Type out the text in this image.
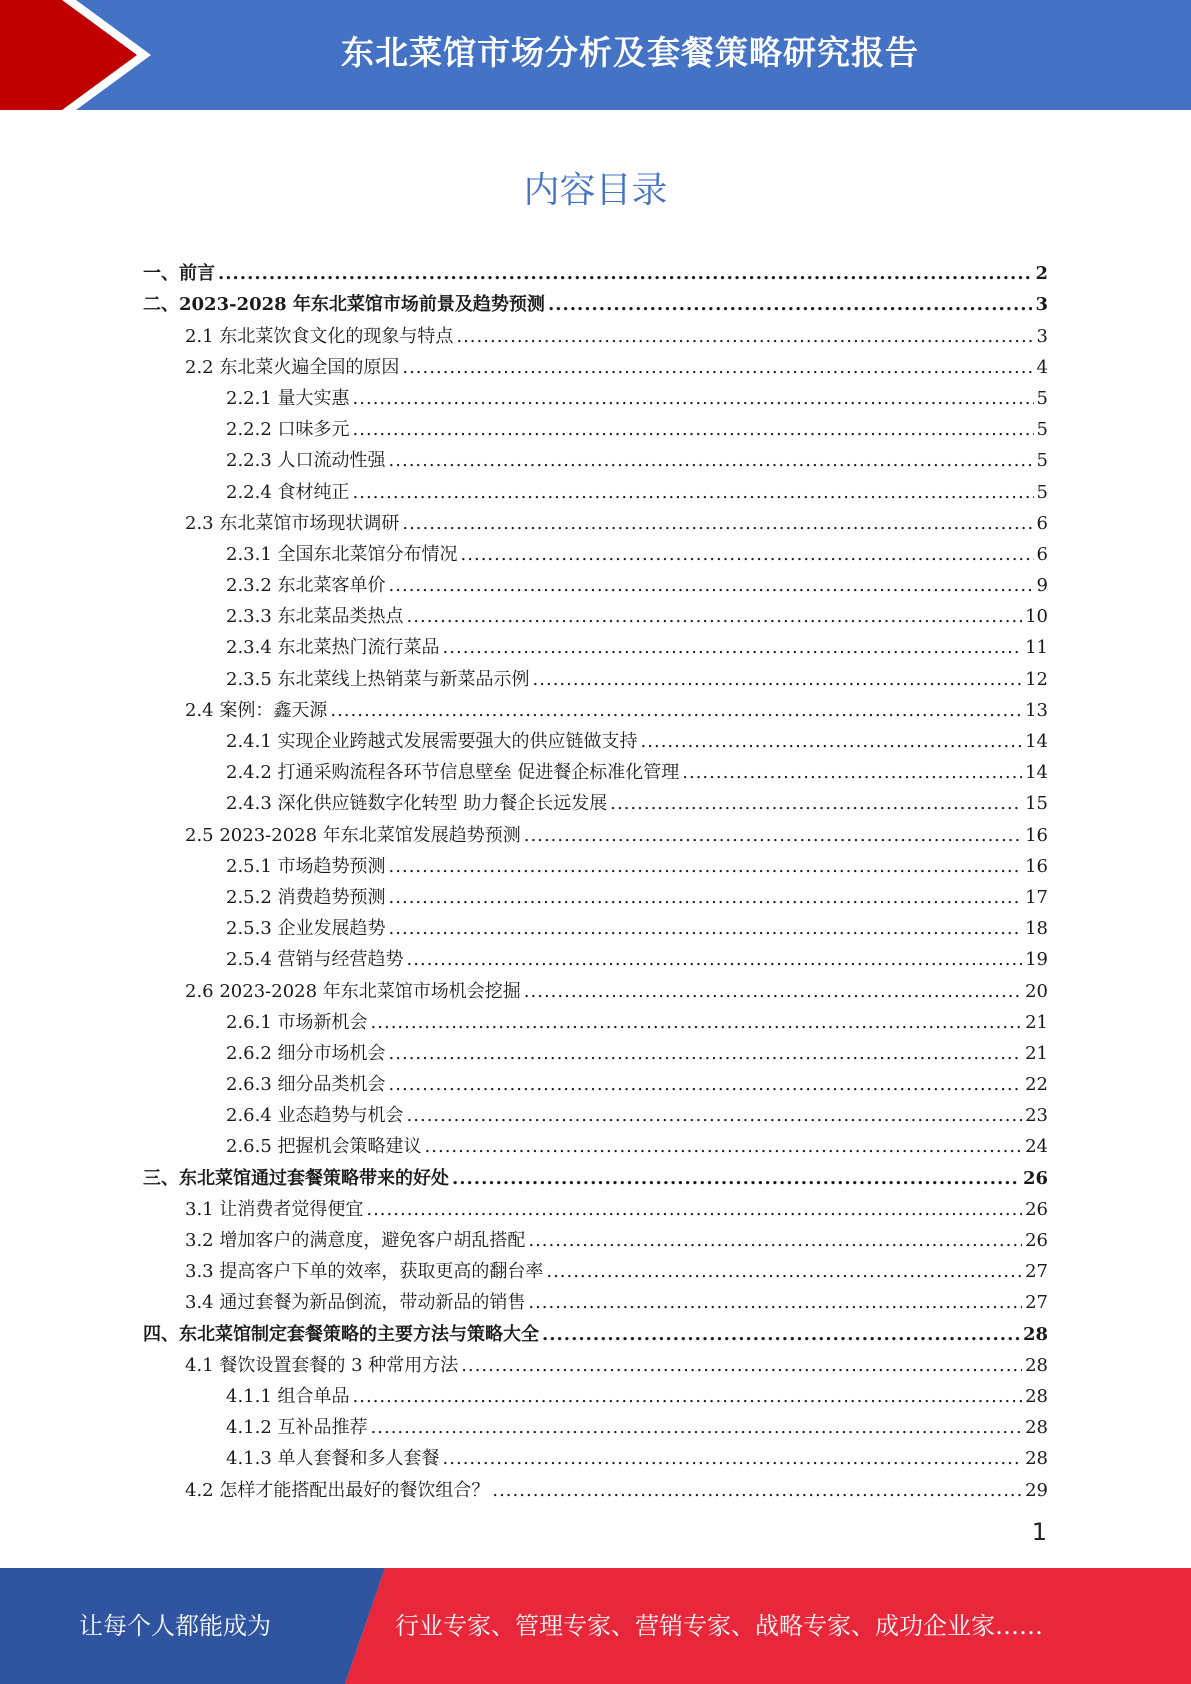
东北菜馆市场分析及套餐策略研究报告
内容目录
一、前言 .....	2
二、2023-2028 年东北菜馆市场前景及趋势预测 .....	3
2.1 东北菜饮食文化的现象与特点 .....	3
2.2 东北菜火遍全国的原因 .....	4
2.2.1 量大实惠 .....	5
2.2.2 口味多元 .....	5
2.2.3 人口流动性强 .....	5
2.2.4 食材纯正 .....	5
2.3 东北菜馆市场现状调研 .....	6
2.3.1 全国东北菜馆分布情况 .....	6
2.3.2 东北菜客单价 .....	9
2.3.3 东北菜品类热点 .....	10
2.3.4 东北菜热门流行菜品 .....	11
2.3.5 东北菜线上热销菜与新菜品示例 .....	12
2.4 案例：鑫天源 .....	13
2.4.1 实现企业跨越式发展需要强大的供应链做支持 .....	14
2.4.2 打通采购流程各环节信息壁垒 促进餐企标准化管理 .....	14
2.4.3 深化供应链数字化转型 助力餐企长远发展 .....	15
2.5 2023-2028 年东北菜馆发展趋势预测 .....	16
2.5.1 市场趋势预测 .....	16
2.5.2 消费趋势预测 .....	17
2.5.3 企业发展趋势 .....	18
2.5.4 营销与经营趋势 .....	19
2.6 2023-2028 年东北菜馆市场机会挖掘 .....	20
2.6.1 市场新机会 .....	21
2.6.2 细分市场机会 .....	21
2.6.3 细分品类机会 .....	22
2.6.4 业态趋势与机会 .....	23
2.6.5 把握机会策略建议 .....	24
三、东北菜馆通过套餐策略带来的好处 .....	26
3.1 让消费者觉得便宜 .....	26
3.2 增加客户的满意度，避免客户胡乱搭配 .....	26
3.3 提高客户下单的效率，获取更高的翻台率 .....	27
3.4 通过套餐为新品倒流，带动新品的销售 .....	27
四、东北菜馆制定套餐策略的主要方法与策略大全 .....	28
4.1 餐饮设置套餐的 3 种常用方法 .....	28
4.1.1 组合单品 .....	28
4.1.2 互补品推荐 .....	28
4.1.3 单人套餐和多人套餐 .....	28
4.2 怎样才能搭配出最好的餐饮组合？ .....	29
1
让每个人都能成为	行业专家、管理专家、营销专家、战略专家、成功企业家……
